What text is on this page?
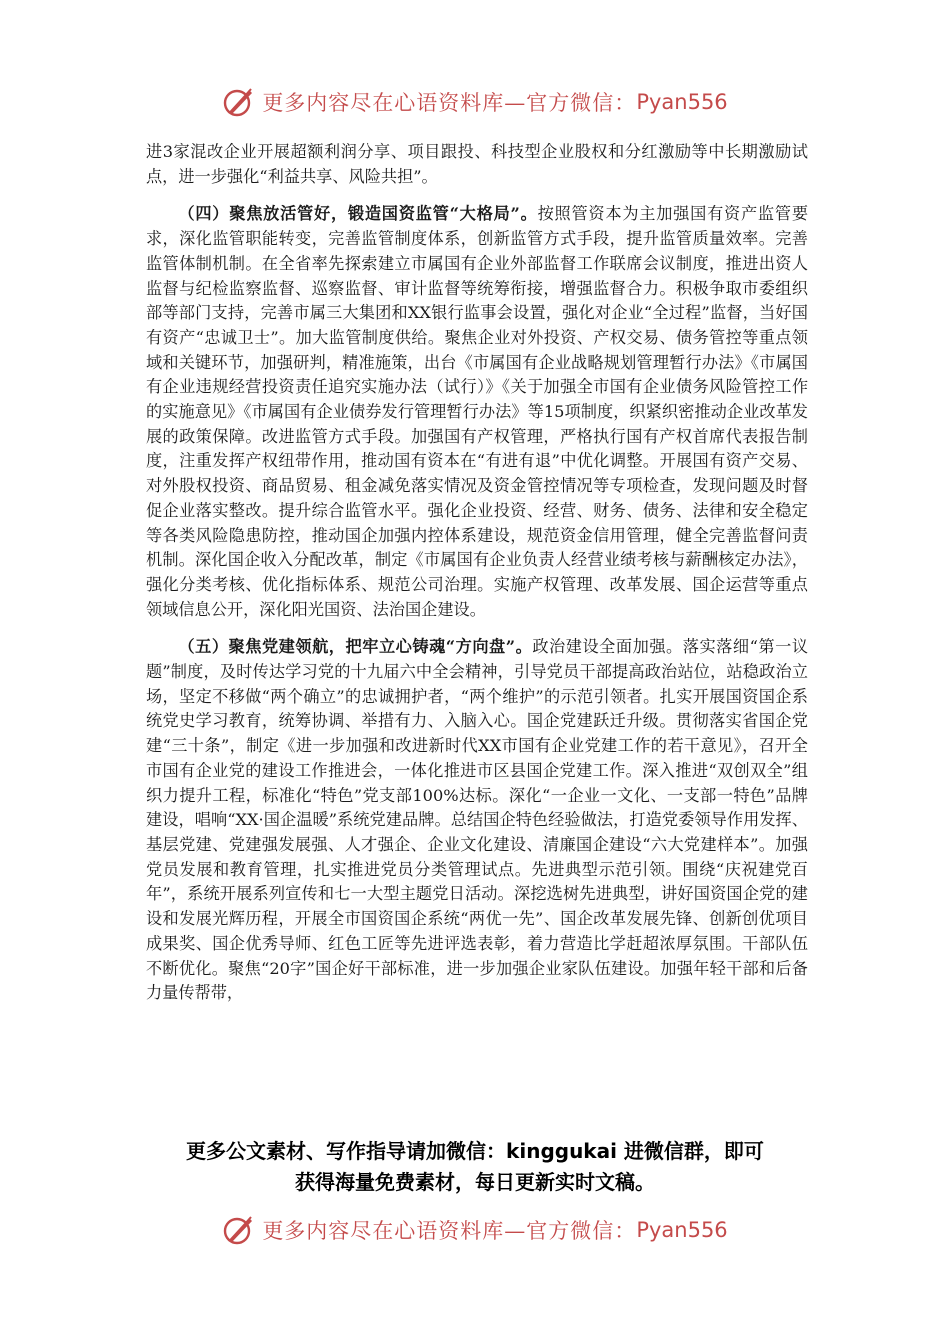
更多内容尽在心语资料库—官方微信： Pyan556

进3家混改企业开展超额利润分享、项目跟投、科技型企业股权和分红激励等中长期激励试点，进一步强化“利益共享、风险共担”。

（四）聚焦放活管好，锻造国资监管“大格局”。按照管资本为主加强国有资产监管要求，深化监管职能转变，完善监管制度体系，创新监管方式手段，提升监管质量效率。完善监管体制机制。在全省率先探索建立市属国有企业外部监督工作联席会议制度，推进出资人监督与纪检监察监督、巡察监督、审计监督等统筹衔接，增强监督合力。积极争取市委组织部等部门支持，完善市属三大集团和XX银行监事会设置，强化对企业“全过程”监督，当好国有资产“忠诚卫士”。加大监管制度供给。聚焦企业对外投资、产权交易、债务管控等重点领域和关键环节，加强研判，精准施策，出台《市属国有企业战略规划管理暂行办法》《市属国有企业违规经营投资责任追究实施办法（试行）》《关于加强全市国有企业债务风险管控工作的实施意见》《市属国有企业债券发行管理暂行办法》等15项制度，织紧织密推动企业改革发展的政策保障。改进监管方式手段。加强国有产权管理，严格执行国有产权首席代表报告制度，注重发挥产权纽带作用，推动国有资本在“有进有退”中优化调整。开展国有资产交易、对外股权投资、商品贸易、租金减免落实情况及资金管控情况等专项检查，发现问题及时督促企业落实整改。提升综合监管水平。强化企业投资、经营、财务、债务、法律和安全稳定等各类风险隐患防控，推动国企加强内控体系建设，规范资金信用管理，健全完善监督问责机制。深化国企收入分配改革，制定《市属国有企业负责人经营业绩考核与薪酬核定办法》，强化分类考核、优化指标体系、规范公司治理。实施产权管理、改革发展、国企运营等重点领域信息公开，深化阳光国资、法治国企建设。

（五）聚焦党建领航，把牢立心铸魂“方向盘”。政治建设全面加强。落实落细“第一议题”制度，及时传达学习党的十九届六中全会精神，引导党员干部提高政治站位，站稳政治立场，坚定不移做“两个确立”的忠诚拥护者，“两个维护”的示范引领者。扎实开展国资国企系统党史学习教育，统筹协调、举措有力、入脑入心。国企党建跃迁升级。贯彻落实省国企党建“三十条”，制定《进一步加强和改进新时代XX市国有企业党建工作的若干意见》，召开全市国有企业党的建设工作推进会，一体化推进市区县国企党建工作。深入推进“双创双全”组织力提升工程，标准化“特色”党支部100%达标。深化“一企业一文化、一支部一特色”品牌建设，唱响“XX·国企温暖”系统党建品牌。总结国企特色经验做法，打造党委领导作用发挥、基层党建、党建强发展强、人才强企、企业文化建设、清廉国企建设“六大党建样本”。加强党员发展和教育管理，扎实推进党员分类管理试点。先进典型示范引领。围绕“庆祝建党百年”，系统开展系列宣传和七一大型主题党日活动。深挖选树先进典型，讲好国资国企党的建设和发展光辉历程，开展全市国资国企系统“两优一先”、国企改革发展先锋、创新创优项目成果奖、国企优秀导师、红色工匠等先进评选表彰，着力营造比学赶超浓厚氛围。干部队伍不断优化。聚焦“20字”国企好干部标准，进一步加强企业家队伍建设。加强年轻干部和后备力量传帮带，

更多公文素材、写作指导请加微信：kinggukai 进微信群，即可
获得海量免费素材，每日更新实时文稿。
更多内容尽在心语资料库—官方微信： Pyan556
